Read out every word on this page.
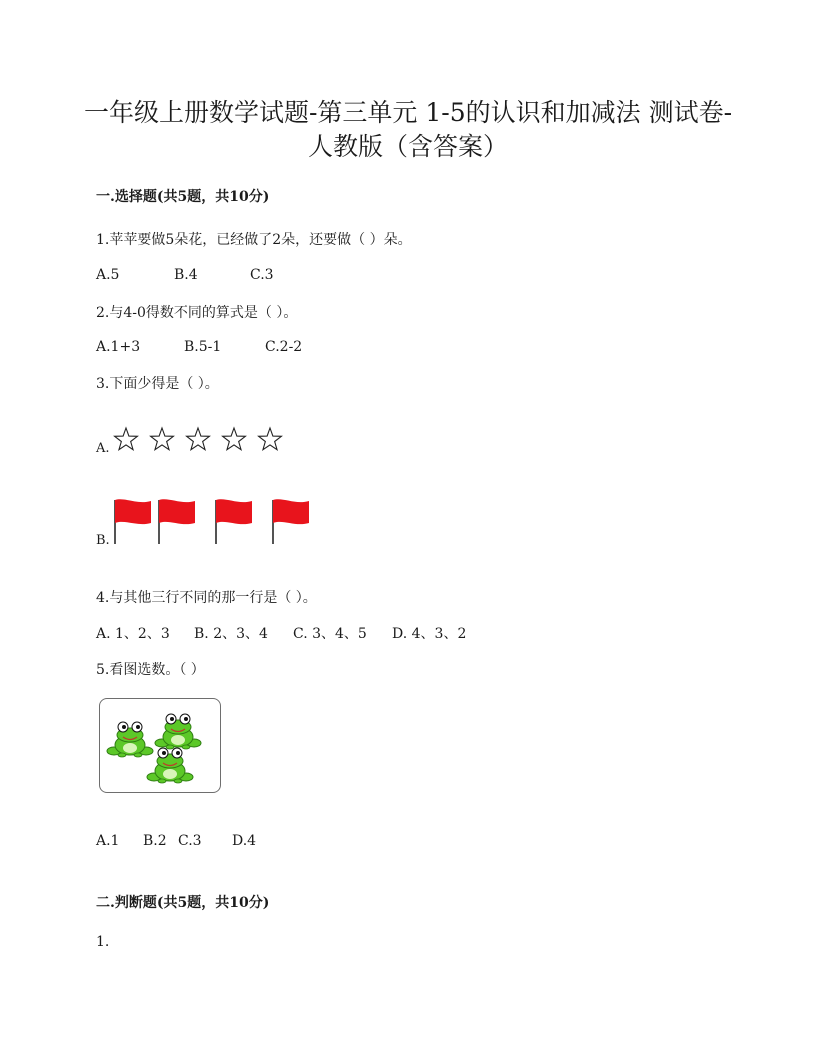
一年级上册数学试题-第三单元 1-5的认识和加减法 测试卷-
人教版（含答案）
一.选择题(共5题，共10分)
1.苹苹要做5朵花，已经做了2朵，还要做（ ）朵。
A.5	B.4	C.3
2.与4-0得数不同的算式是（ ）。
A.1+3	B.5-1	C.2-2
3.下面少得是（ ）。
A.
B.
4.与其他三行不同的那一行是（ ）。
A. 1、2、3 B. 2、3、4 C. 3、4、5 D. 4、3、2
5.看图选数。（ ）
A.1 B.2 C.3 D.4
二.判断题(共5题，共10分)
1.
